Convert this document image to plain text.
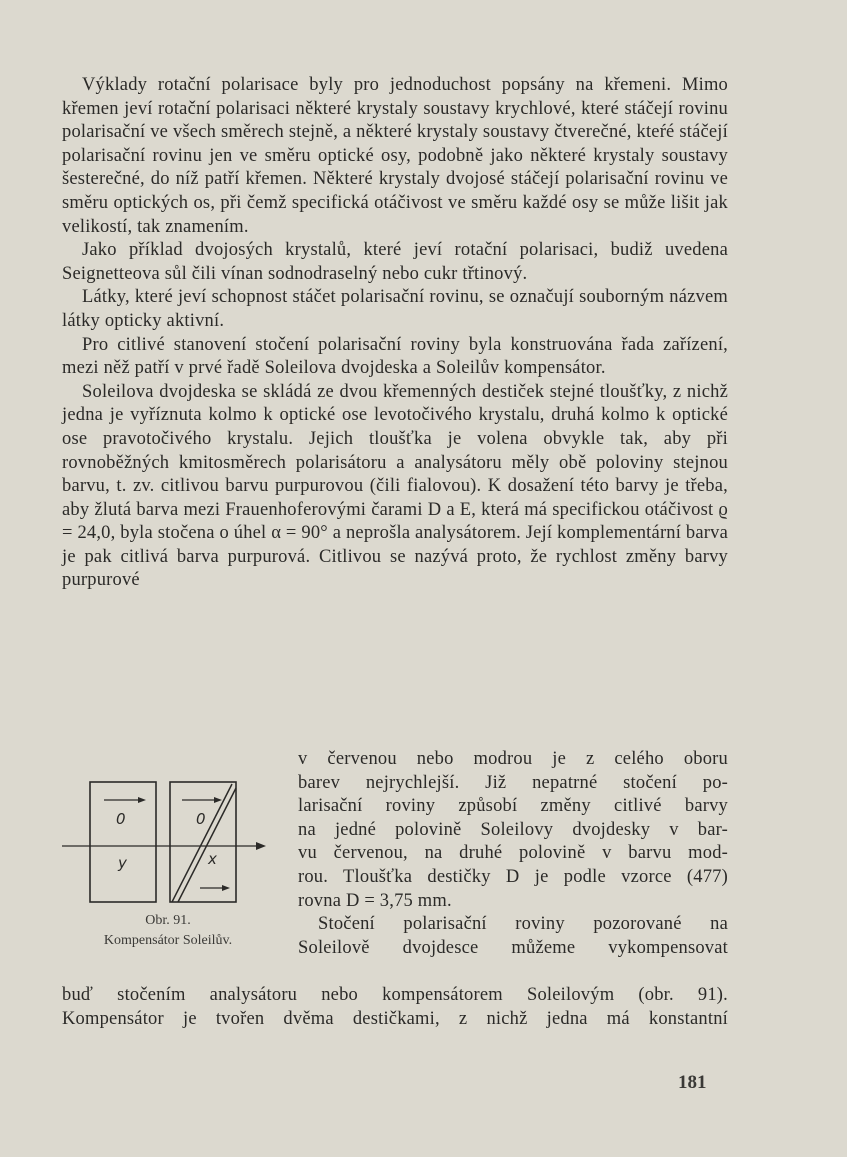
Výklady rotační polarisace byly pro jednoduchost popsány na křemeni. Mimo křemen jeví rotační polarisaci některé krystaly soustavy krychlové, které stáčejí rovinu polarisační ve všech směrech stejně, a některé krystaly soustavy čtverečné, kteŕé stáčejí polarisační rovinu jen ve směru optické osy, podobně jako některé krystaly soustavy šesterečné, do níž patří křemen. Některé krystaly dvojosé stáčejí polarisační rovinu ve směru optických os, při čemž specifická otáčivost ve směru každé osy se může lišit jak velikostí, tak znamením.

Jako příklad dvojosých krystalů, které jeví rotační polarisaci, budiž uvedena Seignetteova sůl čili vínan sodnodraselný nebo cukr třtinový.

Látky, které jeví schopnost stáčet polarisační rovinu, se označují souborným názvem látky opticky aktivní.

Pro citlivé stanovení stočení polarisační roviny byla konstruována řada zařízení, mezi něž patří v prvé řadě Soleilova dvojdeska a Soleilův kompensátor.

Soleilova dvojdeska se skládá ze dvou křemenných destiček stejné tloušťky, z nichž jedna je vyříznuta kolmo k optické ose levotočivého krystalu, druhá kolmo k optické ose pravotočivého krystalu. Jejich tloušťka je volena obvykle tak, aby při rovnoběžných kmitosměrech polarisátoru a analysátoru měly obě poloviny stejnou barvu, t. zv. citlivou barvu purpurovou (čili fialovou). K dosažení této barvy je třeba, aby žlutá barva mezi Frauenhoferovými čarami D a E, která má specifickou otáčivost ϱ = 24,0, byla stočena o úhel α = 90° a neprošla analysátorem. Její komplementární barva je pak citlivá barva purpurová. Citlivou se nazývá proto, že rychlost změny barvy purpurové

v červenou nebo modrou je z celého oboru
barev nejrychlejší. Již nepatrné stočení po-
larisační roviny způsobí změny citlivé barvy
na jedné polovině Soleilovy dvojdesky v bar-
vu červenou, na druhé polovině v barvu mod-
rou. Tloušťka destičky D je podle vzorce (477)
rovna D = 3,75 mm.
Stočení polarisační roviny pozorované na
Soleilově dvojdesce můžeme vykompensovat
buď stočením analysátoru nebo kompensátorem Soleilovým (obr. 91).
Kompensátor je tvořen dvěma destičkami, z nichž jedna má konstantní
0
y
0
x
Obr. 91.
Kompensátor Soleilův.
181
